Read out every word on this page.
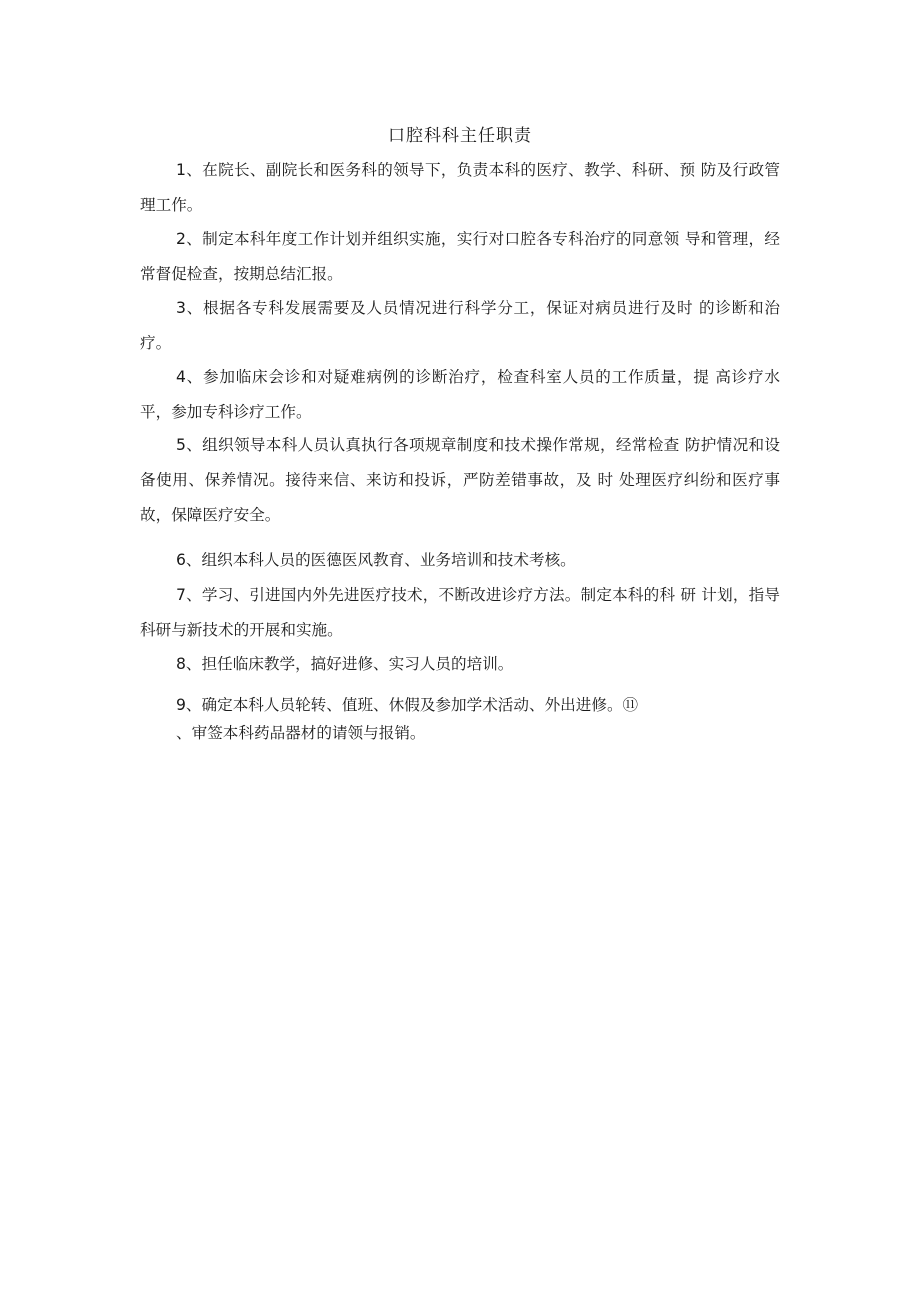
口腔科科主任职责

1、在院长、副院长和医务科的领导下，负责本科的医疗、教学、科研、预 防及行政管理工作。

2、制定本科年度工作计划并组织实施，实行对口腔各专科治疗的同意领 导和管理，经常督促检查，按期总结汇报。

3、根据各专科发展需要及人员情况进行科学分工，保证对病员进行及时 的诊断和治疗。

4、参加临床会诊和对疑难病例的诊断治疗，检查科室人员的工作质量，提 高诊疗水平，参加专科诊疗工作。

5、组织领导本科人员认真执行各项规章制度和技术操作常规，经常检查 防护情况和设备使用、保养情况。接待来信、来访和投诉，严防差错事故，及 时 处理医疗纠纷和医疗事故，保障医疗安全。

6、组织本科人员的医德医风教育、业务培训和技术考核。

7、学习、引进国内外先进医疗技术，不断改进诊疗方法。制定本科的科 研 计划，指导科研与新技术的开展和实施。

8、担任临床教学，搞好进修、实习人员的培训。

9、确定本科人员轮转、值班、休假及参加学术活动、外出进修。⑪

、审签本科药品器材的请领与报销。
